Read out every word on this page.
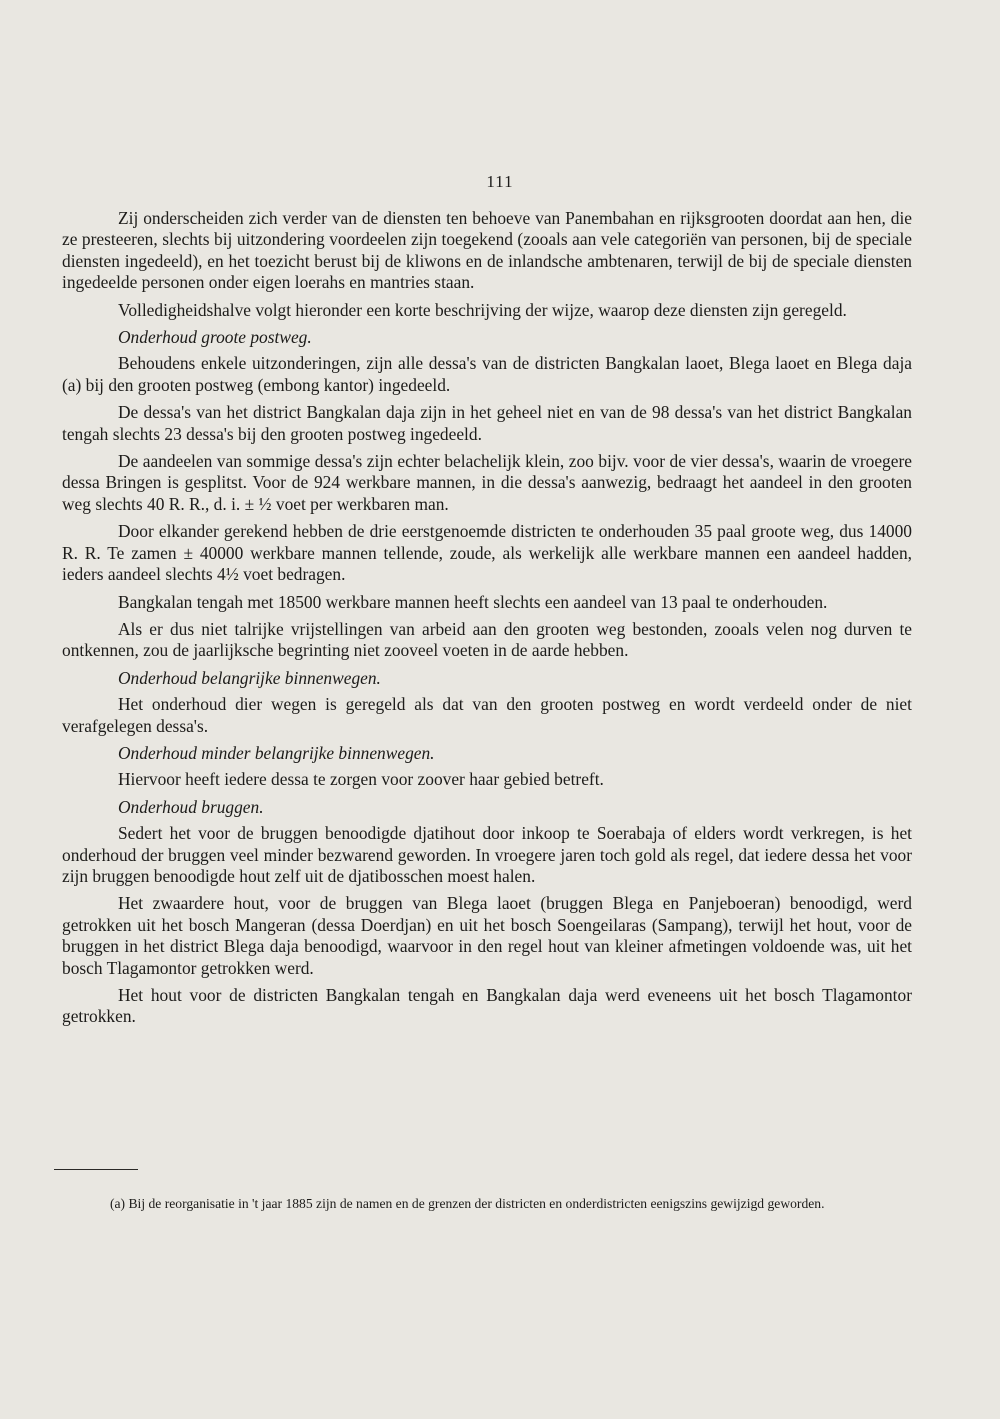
111

Zij onderscheiden zich verder van de diensten ten behoeve van Panembahan en rijksgrooten doordat aan hen, die ze presteeren, slechts bij uitzondering voordeelen zijn toegekend (zooals aan vele categoriën van personen, bij de speciale diensten ingedeeld), en het toezicht berust bij de kliwons en de inlandsche ambtenaren, terwijl de bij de speciale diensten ingedeelde personen onder eigen loerahs en mantries staan.

Volledigheidshalve volgt hieronder een korte beschrijving der wijze, waarop deze diensten zijn geregeld.

Onderhoud groote postweg.

Behoudens enkele uitzonderingen, zijn alle dessa's van de districten Bangkalan laoet, Blega laoet en Blega daja (a) bij den grooten postweg (embong kantor) ingedeeld.

De dessa's van het district Bangkalan daja zijn in het geheel niet en van de 98 dessa's van het district Bangkalan tengah slechts 23 dessa's bij den grooten postweg ingedeeld.

De aandeelen van sommige dessa's zijn echter belachelijk klein, zoo bijv. voor de vier dessa's, waarin de vroegere dessa Bringen is gesplitst. Voor de 924 werkbare mannen, in die dessa's aanwezig, bedraagt het aandeel in den grooten weg slechts 40 R. R., d. i. ± ½ voet per werkbaren man.

Door elkander gerekend hebben de drie eerstgenoemde districten te onderhouden 35 paal groote weg, dus 14000 R. R. Te zamen ± 40000 werkbare mannen tellende, zoude, als werkelijk alle werkbare mannen een aandeel hadden, ieders aandeel slechts 4½ voet bedragen.

Bangkalan tengah met 18500 werkbare mannen heeft slechts een aandeel van 13 paal te onderhouden.

Als er dus niet talrijke vrijstellingen van arbeid aan den grooten weg bestonden, zooals velen nog durven te ontkennen, zou de jaarlijksche begrinting niet zooveel voeten in de aarde hebben.

Onderhoud belangrijke binnenwegen.

Het onderhoud dier wegen is geregeld als dat van den grooten postweg en wordt verdeeld onder de niet verafgelegen dessa's.

Onderhoud minder belangrijke binnenwegen.

Hiervoor heeft iedere dessa te zorgen voor zoover haar gebied betreft.

Onderhoud bruggen.

Sedert het voor de bruggen benoodigde djatihout door inkoop te Soerabaja of elders wordt verkregen, is het onderhoud der bruggen veel minder bezwarend geworden. In vroegere jaren toch gold als regel, dat iedere dessa het voor zijn bruggen benoodigde hout zelf uit de djatibosschen moest halen.

Het zwaardere hout, voor de bruggen van Blega laoet (bruggen Blega en Panjeboeran) benoodigd, werd getrokken uit het bosch Mangeran (dessa Doerdjan) en uit het bosch Soengeilaras (Sampang), terwijl het hout, voor de bruggen in het district Blega daja benoodigd, waarvoor in den regel hout van kleiner afmetingen voldoende was, uit het bosch Tlagamontor getrokken werd.

Het hout voor de districten Bangkalan tengah en Bangkalan daja werd eveneens uit het bosch Tlagamontor getrokken.

(a) Bij de reorganisatie in 't jaar 1885 zijn de namen en de grenzen der districten en onderdistricten eenigszins gewijzigd geworden.
